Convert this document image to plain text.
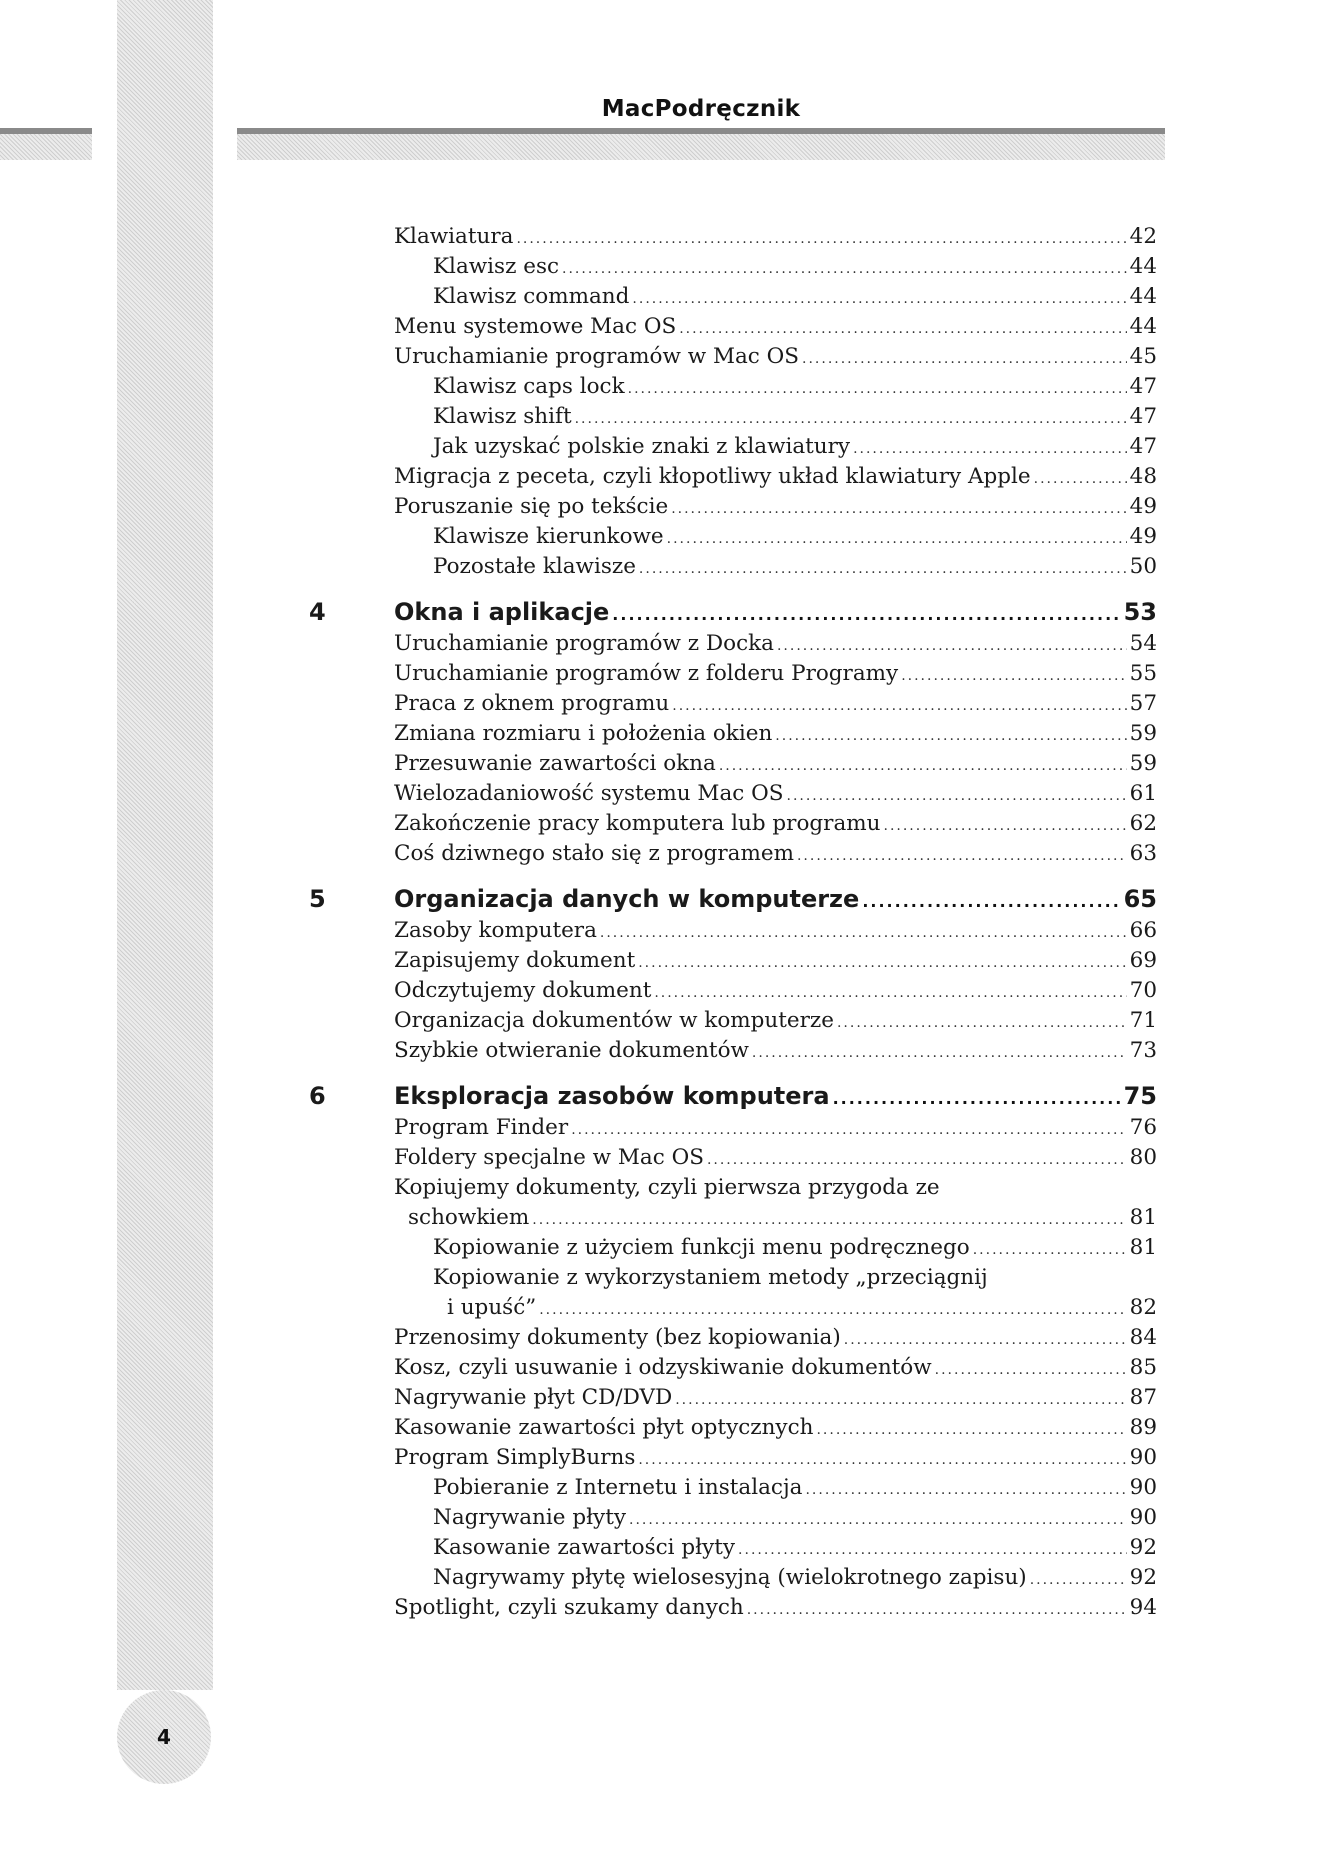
MacPodręcznik
Klawiatura .....	42
Klawisz esc .....	44
Klawisz command .....	44
Menu systemowe Mac OS .....	44
Uruchamianie programów w Mac OS .....	45
Klawisz caps lock .....	47
Klawisz shift .....	47
Jak uzyskać polskie znaki z klawiatury .....	47
Migracja z peceta, czyli kłopotliwy układ klawiatury Apple .....	48
Poruszanie się po tekście .....	49
Klawisze kierunkowe .....	49
Pozostałe klawisze .....	50
4	Okna i aplikacje .....	53
Uruchamianie programów z Docka .....	54
Uruchamianie programów z folderu Programy .....	55
Praca z oknem programu .....	57
Zmiana rozmiaru i położenia okien .....	59
Przesuwanie zawartości okna .....	59
Wielozadaniowość systemu Mac OS .....	61
Zakończenie pracy komputera lub programu .....	62
Coś dziwnego stało się z programem .....	63
5	Organizacja danych w komputerze .....	65
Zasoby komputera .....	66
Zapisujemy dokument .....	69
Odczytujemy dokument .....	70
Organizacja dokumentów w komputerze .....	71
Szybkie otwieranie dokumentów .....	73
6	Eksploracja zasobów komputera .....	75
Program Finder .....	76
Foldery specjalne w Mac OS .....	80
Kopiujemy dokumenty, czyli pierwsza przygoda ze
schowkiem .....	81
Kopiowanie z użyciem funkcji menu podręcznego .....	81
Kopiowanie z wykorzystaniem metody „przeciągnij
i upuść” .....	82
Przenosimy dokumenty (bez kopiowania) .....	84
Kosz, czyli usuwanie i odzyskiwanie dokumentów .....	85
Nagrywanie płyt CD/DVD .....	87
Kasowanie zawartości płyt optycznych .....	89
Program SimplyBurns .....	90
Pobieranie z Internetu i instalacja .....	90
Nagrywanie płyty .....	90
Kasowanie zawartości płyty .....	92
Nagrywamy płytę wielosesyjną (wielokrotnego zapisu) .....	92
Spotlight, czyli szukamy danych .....	94
4
